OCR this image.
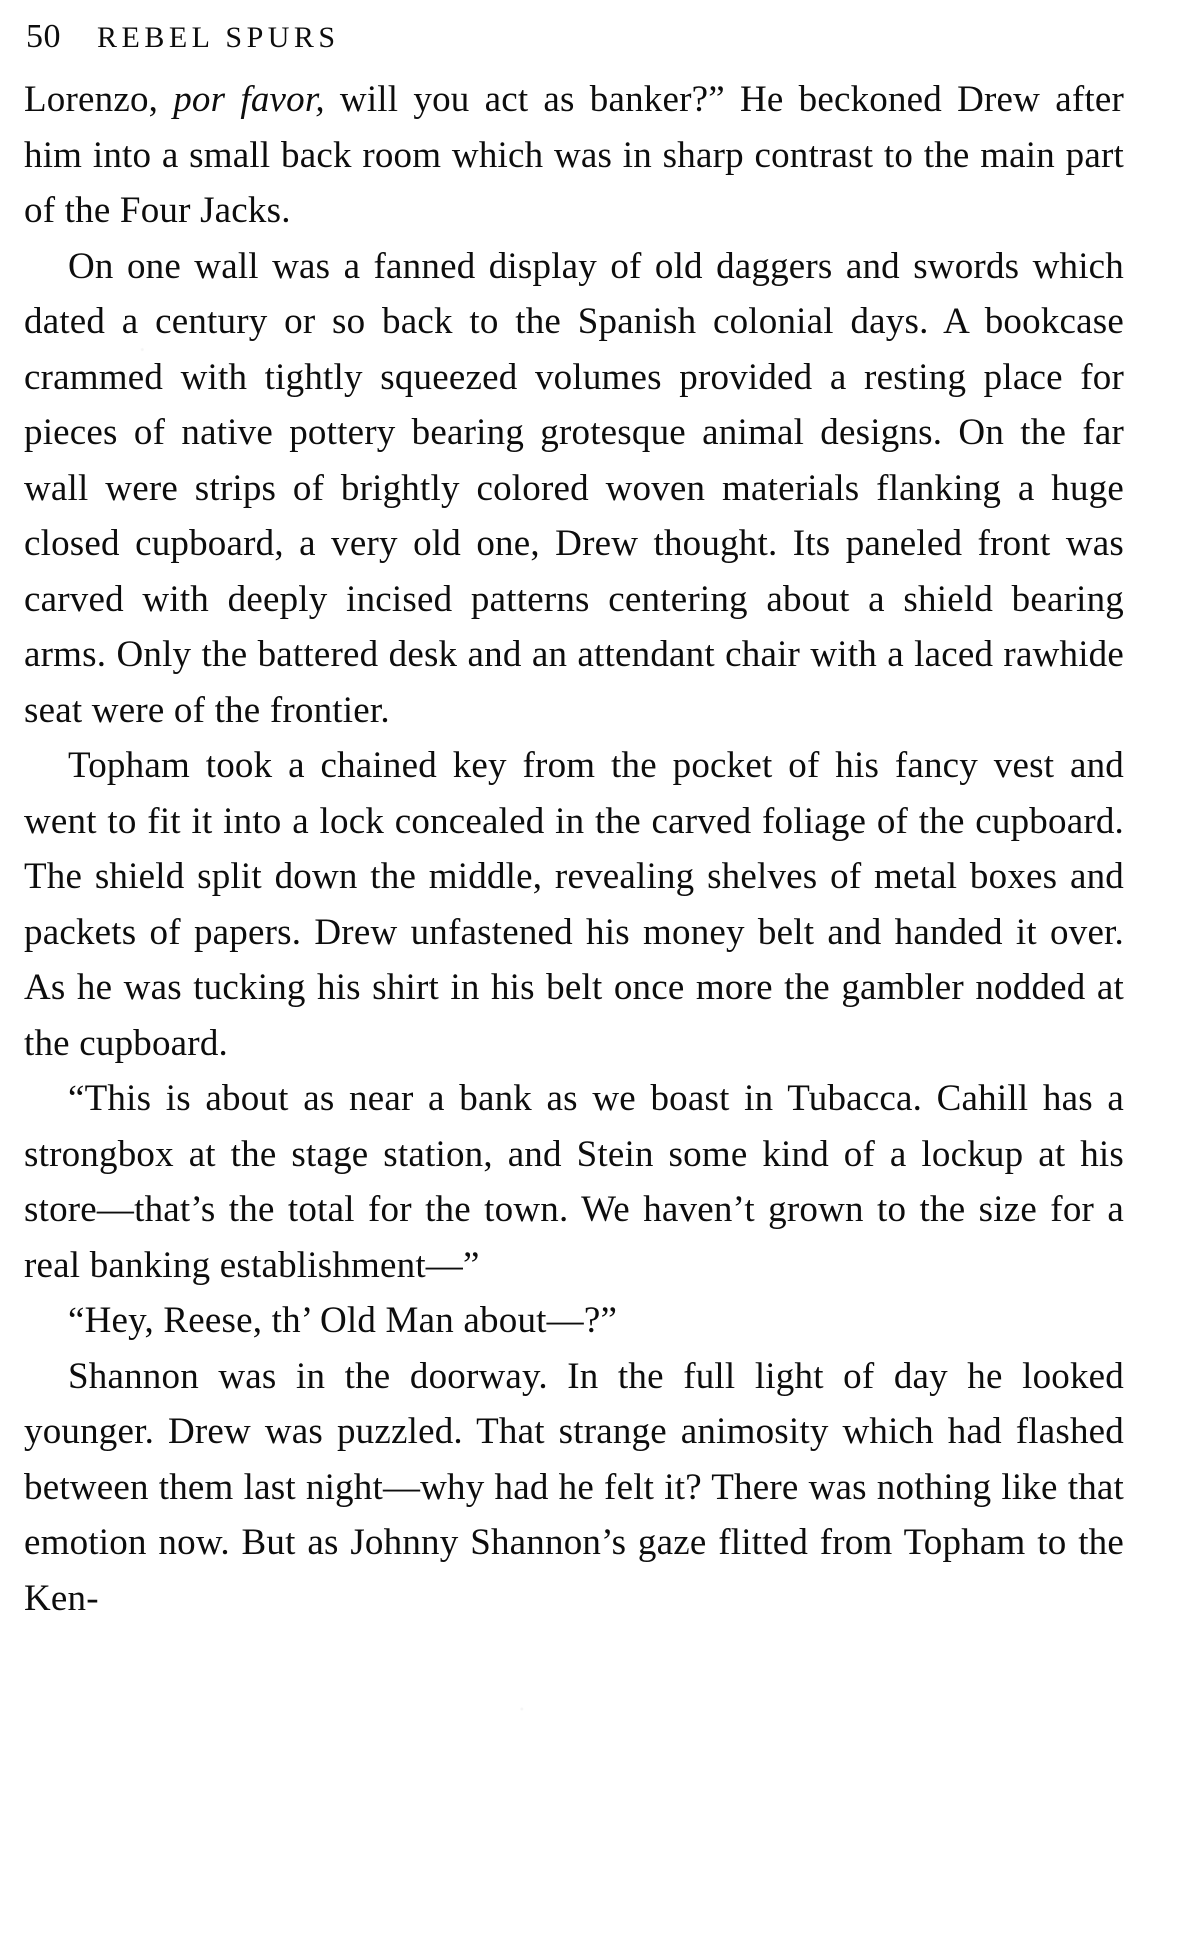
50 REBEL SPURS

Lorenzo, por favor, will you act as banker?” He beckoned Drew after him into a small back room which was in sharp contrast to the main part of the Four Jacks.

On one wall was a fanned display of old daggers and swords which dated a century or so back to the Spanish colonial days. A bookcase crammed with tightly squeezed volumes provided a resting place for pieces of native pottery bearing grotesque animal designs. On the far wall were strips of brightly colored woven materials flanking a huge closed cupboard, a very old one, Drew thought. Its paneled front was carved with deeply incised patterns centering about a shield bearing arms. Only the battered desk and an attendant chair with a laced rawhide seat were of the frontier.

Topham took a chained key from the pocket of his fancy vest and went to fit it into a lock concealed in the carved foliage of the cupboard. The shield split down the middle, revealing shelves of metal boxes and packets of papers. Drew unfastened his money belt and handed it over. As he was tucking his shirt in his belt once more the gambler nodded at the cupboard.

“This is about as near a bank as we boast in Tubacca. Cahill has a strongbox at the stage station, and Stein some kind of a lockup at his store—that’s the total for the town. We haven’t grown to the size for a real banking establishment—”

“Hey, Reese, th’ Old Man about—?”

Shannon was in the doorway. In the full light of day he looked younger. Drew was puzzled. That strange animosity which had flashed between them last night—why had he felt it? There was nothing like that emotion now. But as Johnny Shannon’s gaze flitted from Topham to the Ken-
